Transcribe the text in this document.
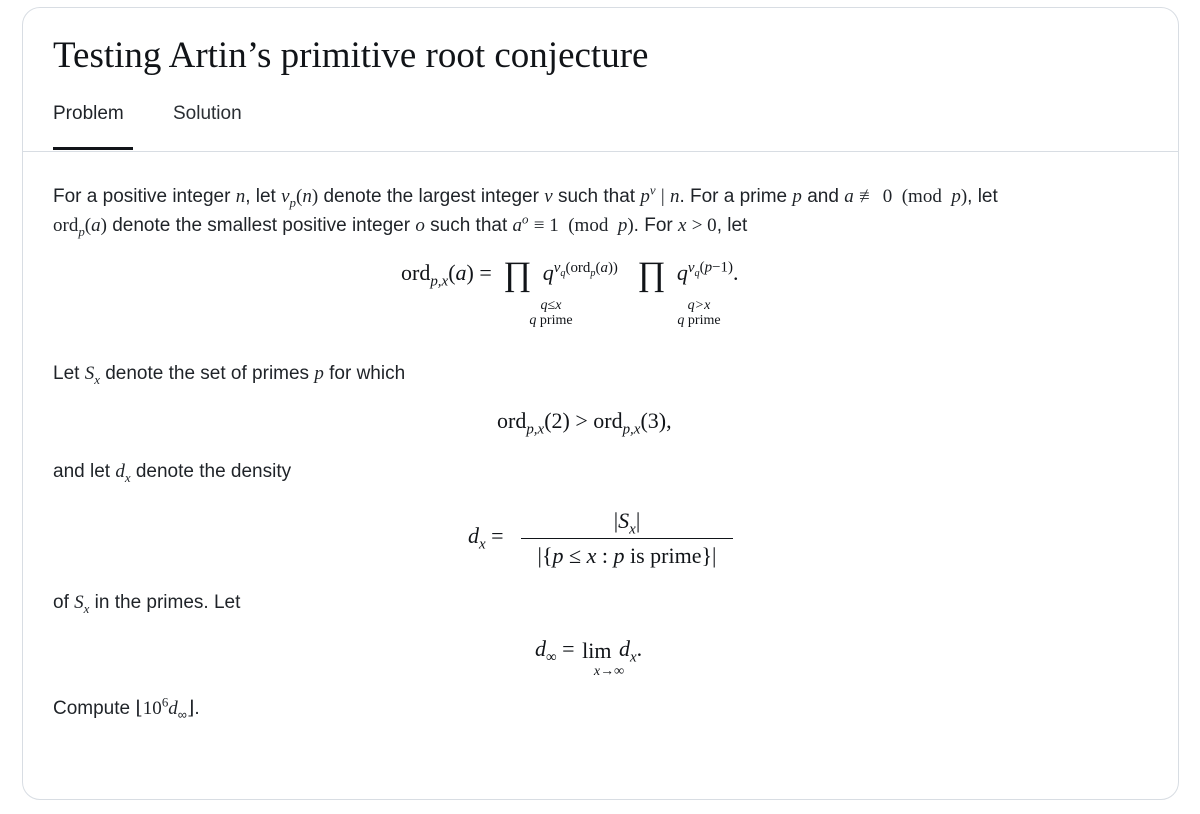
Testing Artin’s primitive root conjecture
Problem	Solution
For a positive integer n, let $v_p(n)$ denote the largest integer v such that $p^v$ | n. For a prime p and a ≢ 0  (mod  p), let
ord$_p$(a) denote the smallest positive integer o such that $a^o \equiv 1$  (mod  p). For x > 0, let
ord$_{p,x}$(a) = ∏ $q^{v_q(ord_p(a))}$ ∏ $q^{v_q(p-1)}$.
q≤x
q prime
q>x
q prime
Let $S_x$ denote the set of primes p for which
ord$_{p,x}$(2) > ord$_{p,x}$(3),
and let $d_x$ denote the density
$d_x$ =
$|S_x|$
|{p ≤ x : p is prime}|
of $S_x$ in the primes. Let
$d_\infty = \lim d_x$.
x→∞
Compute $⌊10^6d_\infty⌋$.
